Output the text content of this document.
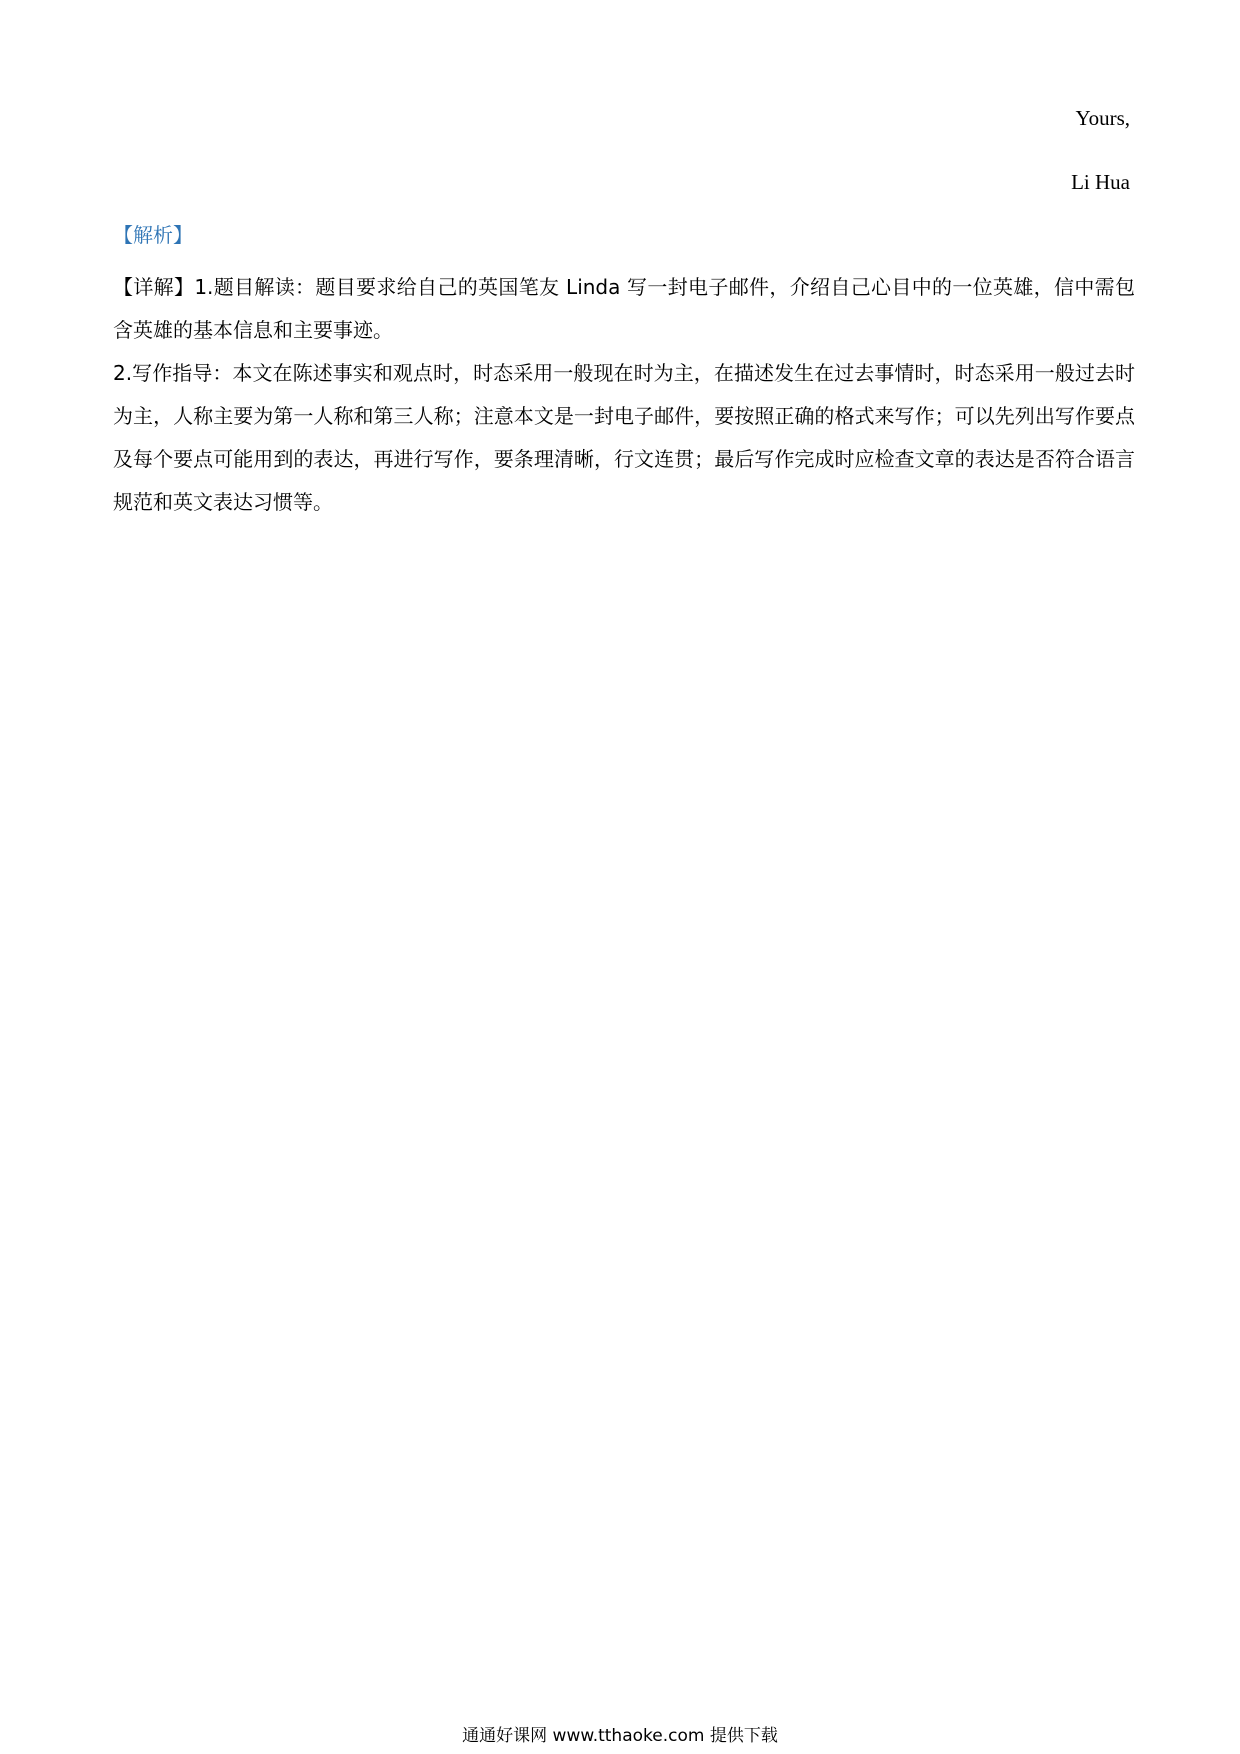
Yours,
Li Hua
【解析】

【详解】1.题目解读：题目要求给自己的英国笔友 Linda 写一封电子邮件，介绍自己心目中的一位英雄，信中需包含英雄的基本信息和主要事迹。

2.写作指导：本文在陈述事实和观点时，时态采用一般现在时为主，在描述发生在过去事情时，时态采用一般过去时为主，人称主要为第一人称和第三人称；注意本文是一封电子邮件，要按照正确的格式来写作；可以先列出写作要点及每个要点可能用到的表达，再进行写作，要条理清晰，行文连贯；最后写作完成时应检查文章的表达是否符合语言规范和英文表达习惯等。

通通好课网 www.tthaoke.com 提供下载
